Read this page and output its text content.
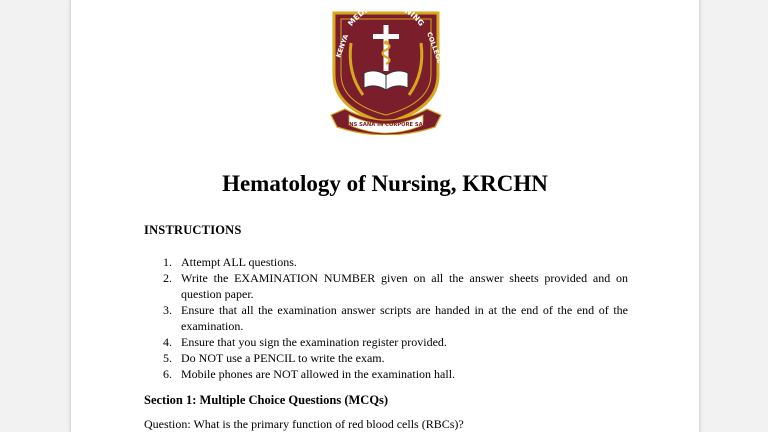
MEDICAL TRAINING
KENYA	COLLEGE
MENS SANA IN CORPORE SANO
Hematology of Nursing, KRCHN
INSTRUCTIONS
1. Attempt ALL questions.
2. Write the EXAMINATION NUMBER given on all the answer sheets provided and on question paper.
3. Ensure that all the examination answer scripts are handed in at the end of the end of the examination.
4. Ensure that you sign the examination register provided.
5. Do NOT use a PENCIL to write the exam.
6. Mobile phones are NOT allowed in the examination hall.
Section 1: Multiple Choice Questions (MCQs)
Question: What is the primary function of red blood cells (RBCs)?
